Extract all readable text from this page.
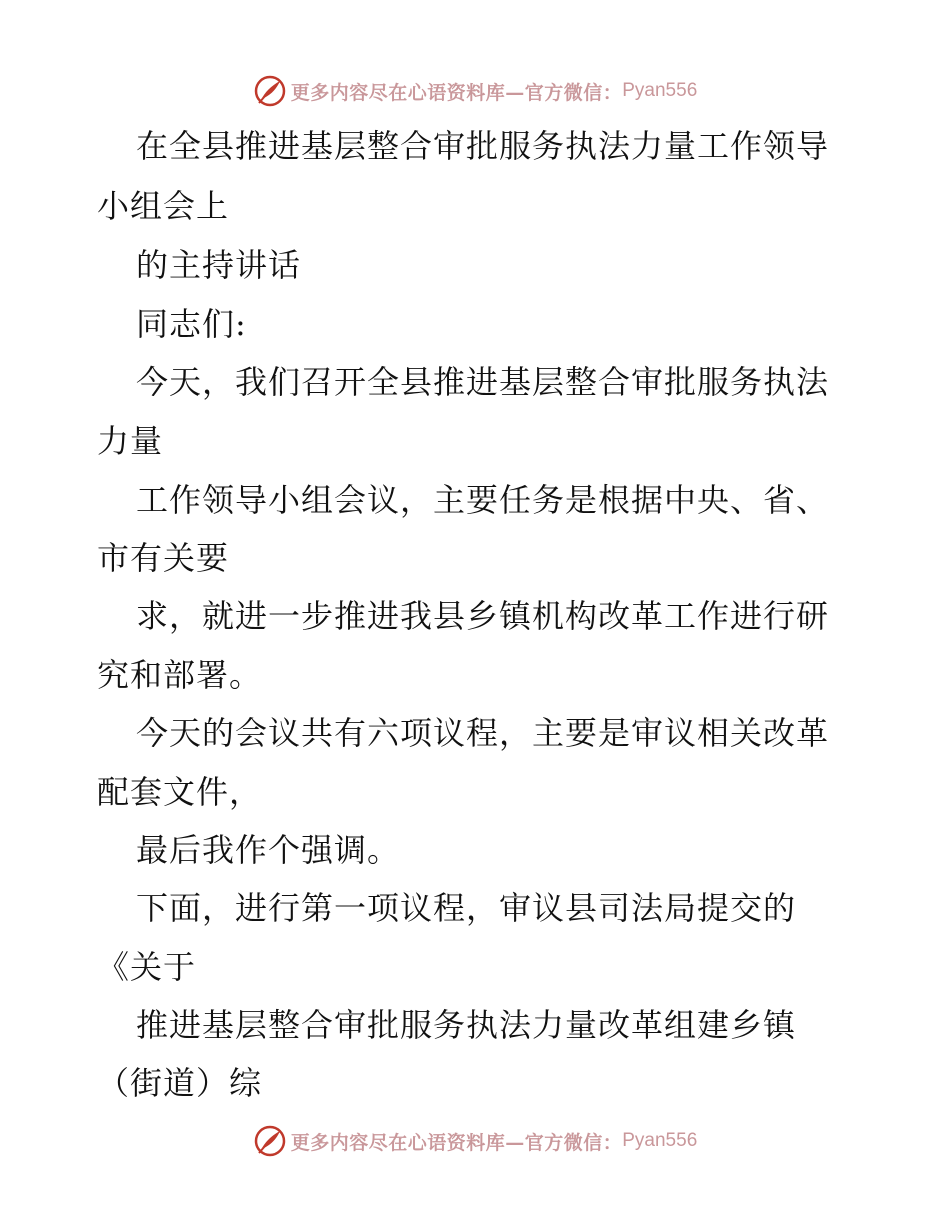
更多内容尽在心语资料库—官方微信： Pyan556
在全县推进基层整合审批服务执法力量工作领导
小组会上
的主持讲话
同志们:
今天，我们召开全县推进基层整合审批服务执法
力量
工作领导小组会议，主要任务是根据中央、省、
市有关要
求，就进一步推进我县乡镇机构改革工作进行研
究和部署。
今天的会议共有六项议程，主要是审议相关改革
配套文件，
最后我作个强调。
下面，进行第一项议程，审议县司法局提交的
《关于
推进基层整合审批服务执法力量改革组建乡镇
（街道）综
更多内容尽在心语资料库—官方微信： Pyan556
